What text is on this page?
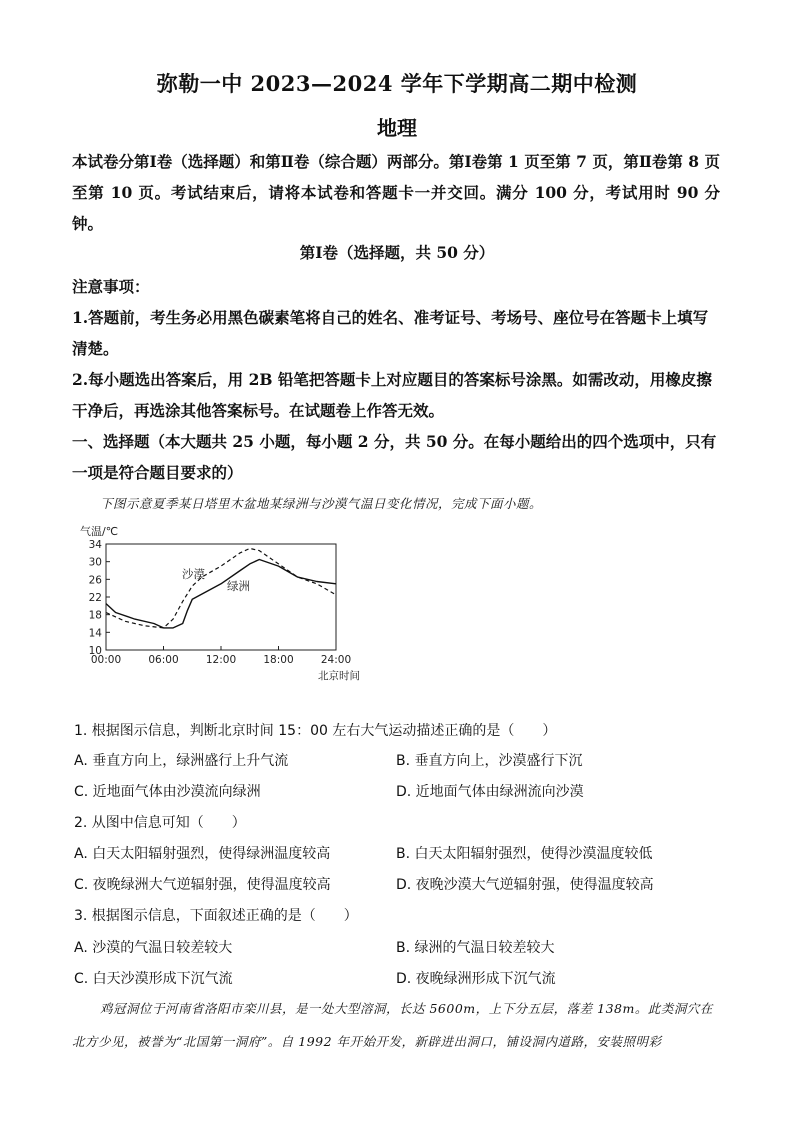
弥勒一中 2023—2024 学年下学期高二期中检测
地理
本试卷分第Ⅰ卷（选择题）和第Ⅱ卷（综合题）两部分。第Ⅰ卷第 1 页至第 7 页，第Ⅱ卷第 8 页至第 10 页。考试结束后，请将本试卷和答题卡一并交回。满分 100 分，考试用时 90 分钟。
第Ⅰ卷（选择题，共 50 分）

注意事项：

1.答题前，考生务必用黑色碳素笔将自己的姓名、准考证号、考场号、座位号在答题卡上填写清楚。

2.每小题选出答案后，用 2B 铅笔把答题卡上对应题目的答案标号涂黑。如需改动，用橡皮擦干净后，再选涂其他答案标号。在试题卷上作答无效。

一、选择题（本大题共 25 小题，每小题 2 分，共 50 分。在每小题给出的四个选项中，只有一项是符合题目要求的）

下图示意夏季某日塔里木盆地某绿洲与沙漠气温日变化情况，完成下面小题。
10
14
18
22
26
30
34
00:00	06:00	12:00	18:00	24:00
气温/℃
北京时间
沙漠
绿洲
1. 根据图示信息，判断北京时间 15：00 左右大气运动描述正确的是（　　）
A. 垂直方向上，绿洲盛行上升气流	B. 垂直方向上，沙漠盛行下沉
C. 近地面气体由沙漠流向绿洲	D. 近地面气体由绿洲流向沙漠
2. 从图中信息可知（　　）
A. 白天太阳辐射强烈，使得绿洲温度较高	B. 白天太阳辐射强烈，使得沙漠温度较低
C. 夜晚绿洲大气逆辐射强，使得温度较高	D. 夜晚沙漠大气逆辐射强，使得温度较高
3. 根据图示信息，下面叙述正确的是（　　）
A. 沙漠的气温日较差较大	B. 绿洲的气温日较差较大
C. 白天沙漠形成下沉气流	D. 夜晚绿洲形成下沉气流

鸡冠洞位于河南省洛阳市栾川县，是一处大型溶洞，长达 5600m，上下分五层，落差 138m。此类洞穴在北方少见，被誉为“北国第一洞府”。自 1992 年开始开发，新辟进出洞口，铺设洞内道路，安装照明彩
